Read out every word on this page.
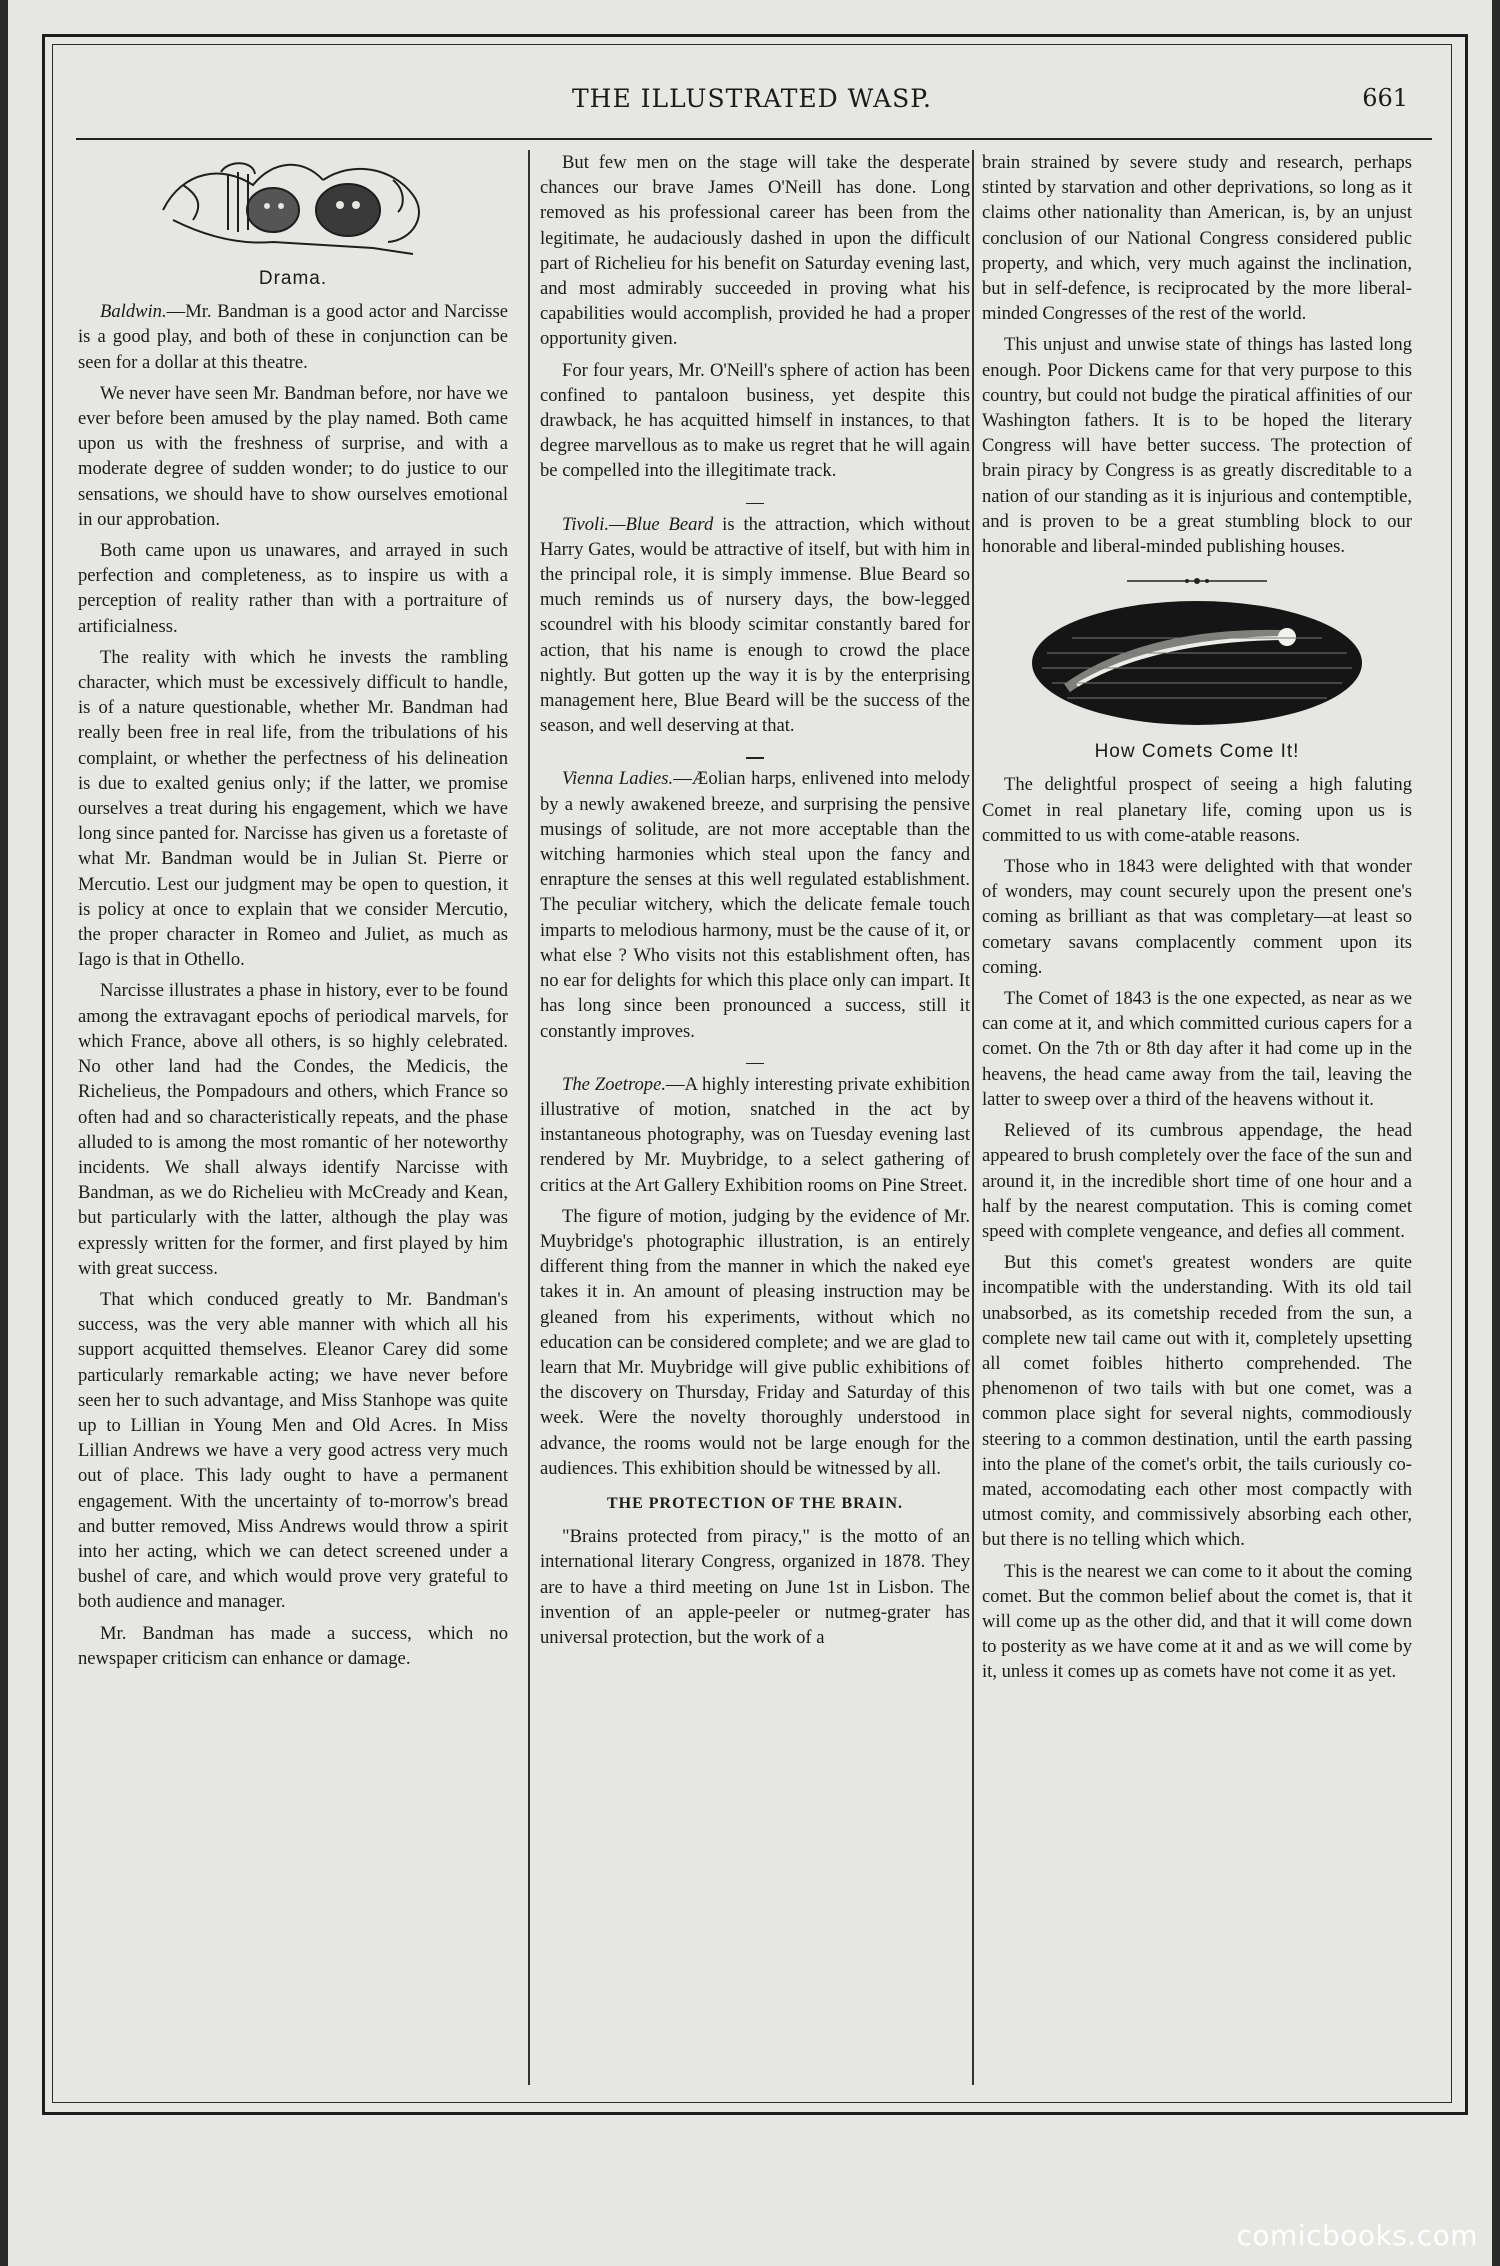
THE ILLUSTRATED WASP.	661
Drama.

Baldwin.—Mr. Bandman is a good actor and Narcisse is a good play, and both of these in conjunction can be seen for a dollar at this theatre.

We never have seen Mr. Bandman before, nor have we ever before been amused by the play named. Both came upon us with the freshness of surprise, and with a moderate degree of sudden wonder; to do justice to our sensations, we should have to show ourselves emotional in our approbation.

Both came upon us unawares, and arrayed in such perfection and completeness, as to inspire us with a perception of reality rather than with a portraiture of artificialness.

The reality with which he invests the rambling character, which must be excessively difficult to handle, is of a nature questionable, whether Mr. Bandman had really been free in real life, from the tribulations of his complaint, or whether the perfectness of his delineation is due to exalted genius only; if the latter, we promise ourselves a treat during his engagement, which we have long since panted for. Narcisse has given us a foretaste of what Mr. Bandman would be in Julian St. Pierre or Mercutio. Lest our judgment may be open to question, it is policy at once to explain that we consider Mercutio, the proper character in Romeo and Juliet, as much as Iago is that in Othello.

Narcisse illustrates a phase in history, ever to be found among the extravagant epochs of periodical marvels, for which France, above all others, is so highly celebrated. No other land had the Condes, the Medicis, the Richelieus, the Pompadours and others, which France so often had and so characteristically repeats, and the phase alluded to is among the most romantic of her noteworthy incidents. We shall always identify Narcisse with Bandman, as we do Richelieu with McCready and Kean, but particularly with the latter, although the play was expressly written for the former, and first played by him with great success.

That which conduced greatly to Mr. Bandman's success, was the very able manner with which all his support acquitted themselves. Eleanor Carey did some particularly remarkable acting; we have never before seen her to such advantage, and Miss Stanhope was quite up to Lillian in Young Men and Old Acres. In Miss Lillian Andrews we have a very good actress very much out of place. This lady ought to have a permanent engagement. With the uncertainty of to-morrow's bread and butter removed, Miss Andrews would throw a spirit into her acting, which we can detect screened under a bushel of care, and which would prove very grateful to both audience and manager.

Mr. Bandman has made a success, which no newspaper criticism can enhance or damage.

But few men on the stage will take the desperate chances our brave James O'Neill has done. Long removed as his professional career has been from the legitimate, he audaciously dashed in upon the difficult part of Richelieu for his benefit on Saturday evening last, and most admirably succeeded in proving what his capabilities would accomplish, provided he had a proper opportunity given.

For four years, Mr. O'Neill's sphere of action has been confined to pantaloon business, yet despite this drawback, he has acquitted himself in instances, to that degree marvellous as to make us regret that he will again be compelled into the illegitimate track.

Tivoli.—Blue Beard is the attraction, which without Harry Gates, would be attractive of itself, but with him in the principal role, it is simply immense. Blue Beard so much reminds us of nursery days, the bow-legged scoundrel with his bloody scimitar constantly bared for action, that his name is enough to crowd the place nightly. But gotten up the way it is by the enterprising management here, Blue Beard will be the success of the season, and well deserving at that.

Vienna Ladies.—Æolian harps, enlivened into melody by a newly awakened breeze, and surprising the pensive musings of solitude, are not more acceptable than the witching harmonies which steal upon the fancy and enrapture the senses at this well regulated establishment. The peculiar witchery, which the delicate female touch imparts to melodious harmony, must be the cause of it, or what else ? Who visits not this establishment often, has no ear for delights for which this place only can impart. It has long since been pronounced a success, still it constantly improves.

The Zoetrope.—A highly interesting private exhibition illustrative of motion, snatched in the act by instantaneous photography, was on Tuesday evening last rendered by Mr. Muybridge, to a select gathering of critics at the Art Gallery Exhibition rooms on Pine Street.

The figure of motion, judging by the evidence of Mr. Muybridge's photographic illustration, is an entirely different thing from the manner in which the naked eye takes it in. An amount of pleasing instruction may be gleaned from his experiments, without which no education can be considered complete; and we are glad to learn that Mr. Muybridge will give public exhibitions of the discovery on Thursday, Friday and Saturday of this week. Were the novelty thoroughly understood in advance, the rooms would not be large enough for the audiences. This exhibition should be witnessed by all.

THE PROTECTION OF THE BRAIN.

"Brains protected from piracy," is the motto of an international literary Congress, organized in 1878. They are to have a third meeting on June 1st in Lisbon. The invention of an apple-peeler or nutmeg-grater has universal protection, but the work of a

brain strained by severe study and research, perhaps stinted by starvation and other deprivations, so long as it claims other nationality than American, is, by an unjust conclusion of our National Congress considered public property, and which, very much against the inclination, but in self-defence, is reciprocated by the more liberal-minded Congresses of the rest of the world.

This unjust and unwise state of things has lasted long enough. Poor Dickens came for that very purpose to this country, but could not budge the piratical affinities of our Washington fathers. It is to be hoped the literary Congress will have better success. The protection of brain piracy by Congress is as greatly discreditable to a nation of our standing as it is injurious and contemptible, and is proven to be a great stumbling block to our honorable and liberal-minded publishing houses.

How Comets Come It!

The delightful prospect of seeing a high faluting Comet in real planetary life, coming upon us is committed to us with come-atable reasons.

Those who in 1843 were delighted with that wonder of wonders, may count securely upon the present one's coming as brilliant as that was completary—at least so cometary savans complacently comment upon its coming.

The Comet of 1843 is the one expected, as near as we can come at it, and which committed curious capers for a comet. On the 7th or 8th day after it had come up in the heavens, the head came away from the tail, leaving the latter to sweep over a third of the heavens without it.

Relieved of its cumbrous appendage, the head appeared to brush completely over the face of the sun and around it, in the incredible short time of one hour and a half by the nearest computation. This is coming comet speed with complete vengeance, and defies all comment.

But this comet's greatest wonders are quite incompatible with the understanding. With its old tail unabsorbed, as its cometship receded from the sun, a complete new tail came out with it, completely upsetting all comet foibles hitherto comprehended. The phenomenon of two tails with but one comet, was a common place sight for several nights, commodiously steering to a common destination, until the earth passing into the plane of the comet's orbit, the tails curiously co-mated, accomodating each other most compactly with utmost comity, and commissively absorbing each other, but there is no telling which which.

This is the nearest we can come to it about the coming comet. But the common belief about the comet is, that it will come up as the other did, and that it will come down to posterity as we have come at it and as we will come by it, unless it comes up as comets have not come it as yet.

comicbooks.com
